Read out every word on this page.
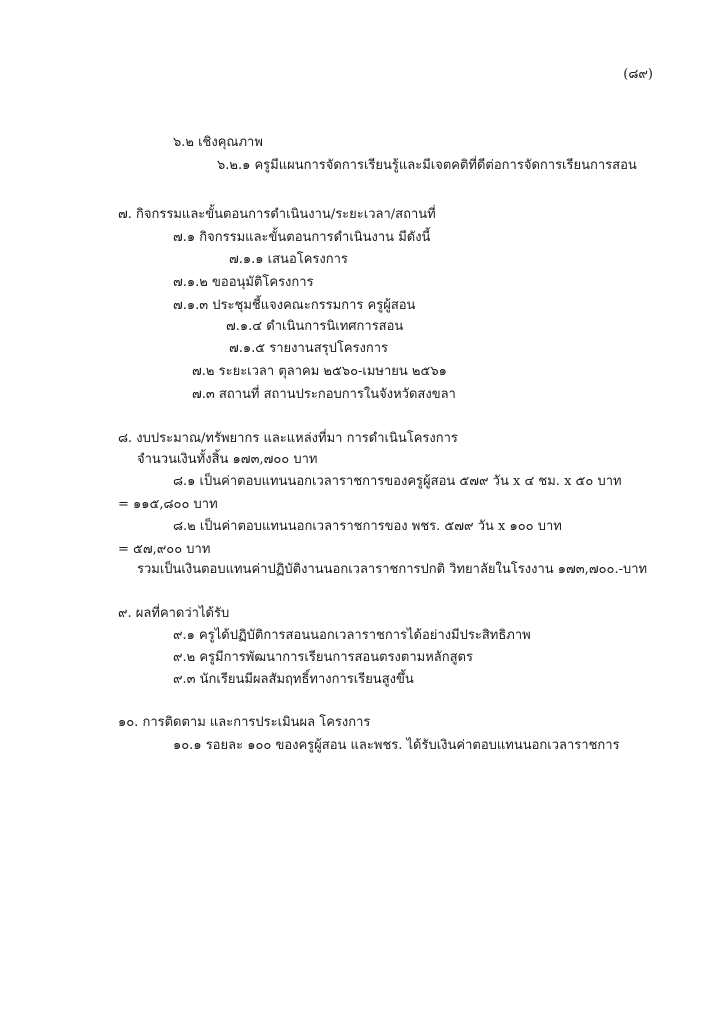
(๘๙)
๖.๒ เชิงคุณภาพ
๖.๒.๑ ครูมีแผนการจัดการเรียนรู้และมีเจตคติที่ดีต่อการจัดการเรียนการสอน
๗. กิจกรรมและขั้นตอนการดำเนินงาน/ระยะเวลา/สถานที่
๗.๑ กิจกรรมและขั้นตอนการดำเนินงาน มีดังนี้
๗.๑.๑ เสนอโครงการ
๗.๑.๒ ขออนุมัติโครงการ
๗.๑.๓ ประชุมชี้แจงคณะกรรมการ ครูผู้สอน
๗.๑.๔ ดำเนินการนิเทศการสอน
๗.๑.๕ รายงานสรุปโครงการ
๗.๒ ระยะเวลา ตุลาคม ๒๕๖๐-เมษายน ๒๕๖๑
๗.๓ สถานที่ สถานประกอบการในจังหวัดสงขลา
๘. งบประมาณ/ทรัพยากร และแหล่งที่มา การดำเนินโครงการ
จำนวนเงินทั้งสิ้น ๑๗๓,๗๐๐ บาท
๘.๑ เป็นค่าตอบแทนนอกเวลาราชการของครูผู้สอน ๕๗๙ วัน x ๔ ชม. x ๕๐ บาท
= ๑๑๕,๘๐๐ บาท
๘.๒ เป็นค่าตอบแทนนอกเวลาราชการของ พชร. ๕๗๙ วัน x ๑๐๐ บาท
= ๕๗,๙๐๐ บาท
รวมเป็นเงินตอบแทนค่าปฏิบัติงานนอกเวลาราชการปกติ วิทยาลัยในโรงงาน ๑๗๓,๗๐๐.-บาท
๙. ผลที่คาดว่าได้รับ
๙.๑ ครูได้ปฏิบัติการสอนนอกเวลาราชการได้อย่างมีประสิทธิภาพ
๙.๒ ครูมีการพัฒนาการเรียนการสอนตรงตามหลักสูตร
๙.๓ นักเรียนมีผลสัมฤทธิ์ทางการเรียนสูงขึ้น
๑๐. การติดตาม และการประเมินผล โครงการ
๑๐.๑ รอยละ ๑๐๐ ของครูผู้สอน และพชร. ได้รับเงินค่าตอบแทนนอกเวลาราชการ
